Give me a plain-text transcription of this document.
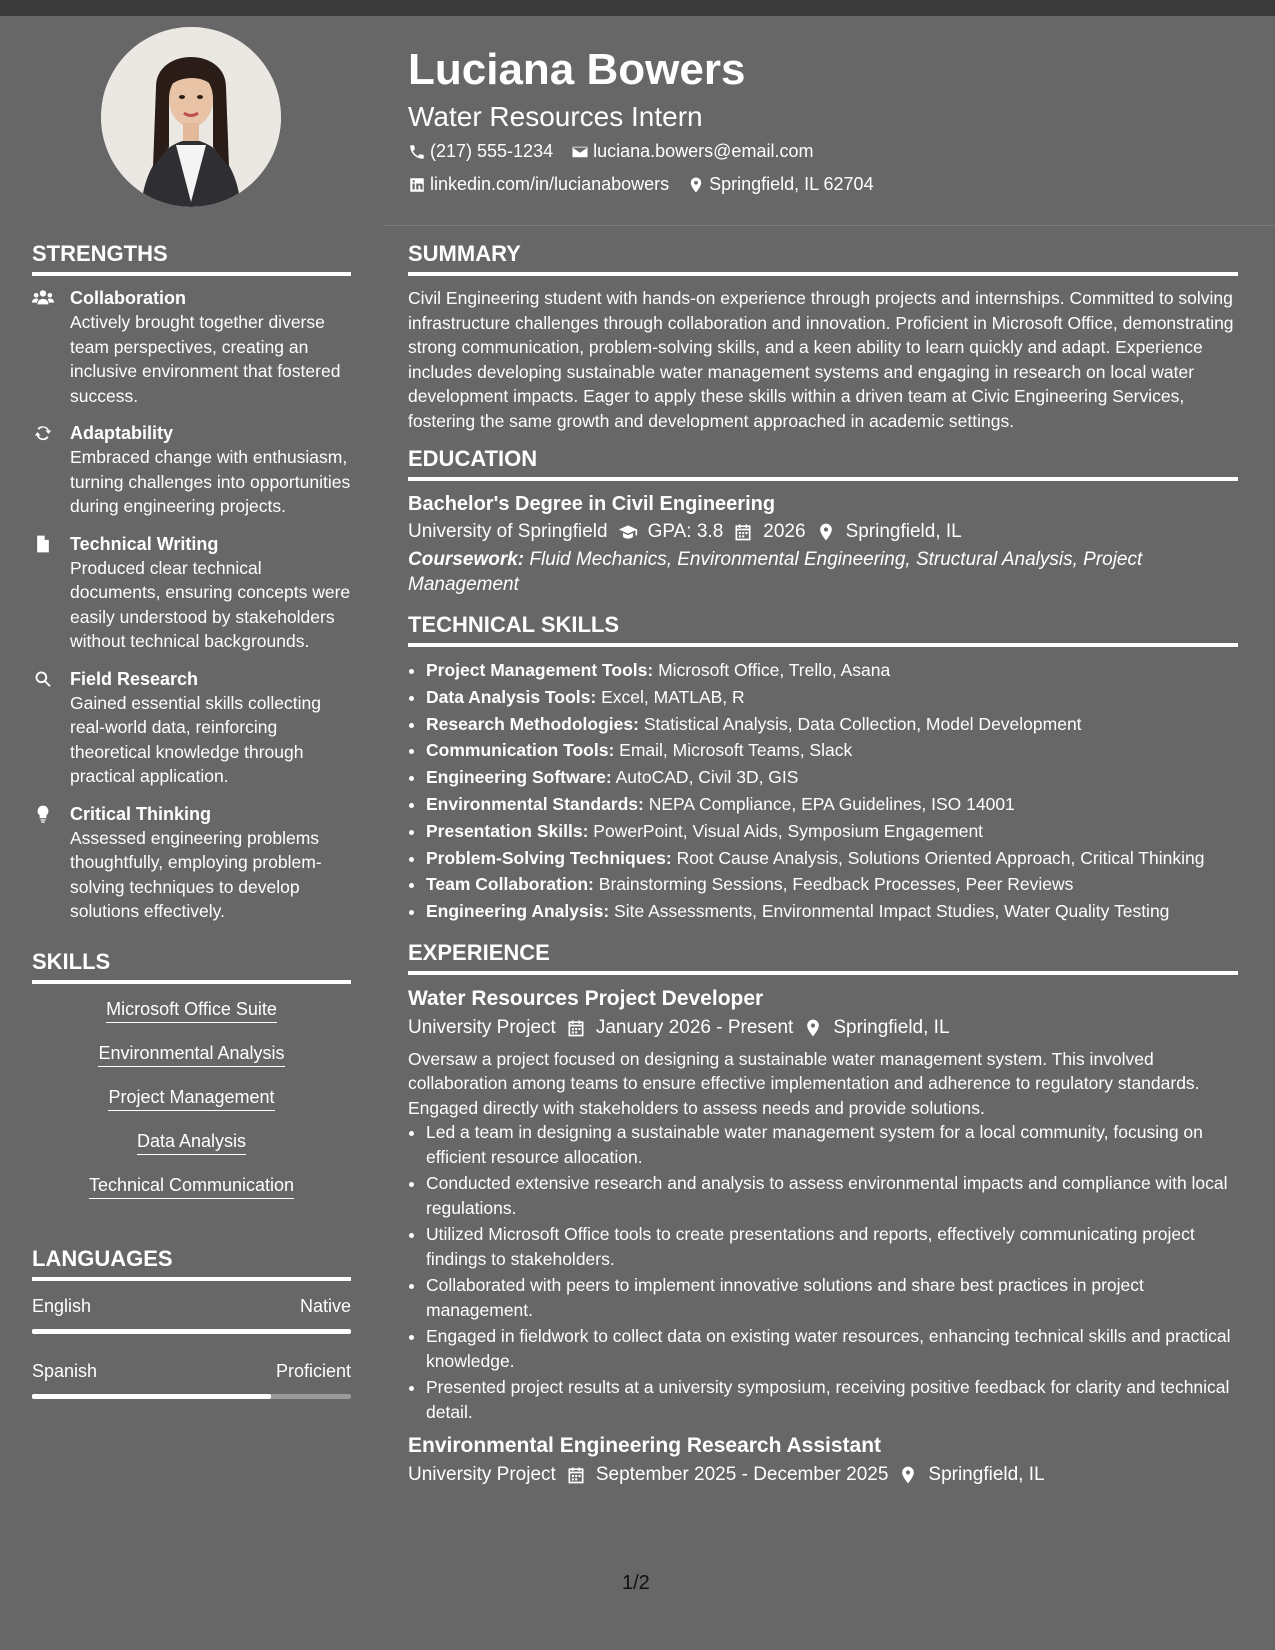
Luciana Bowers
Water Resources Intern
(217) 555-1234 luciana.bowers@email.com
linkedin.com/in/lucianabowers Springfield, IL 62704
STRENGTHS
Collaboration
Actively brought together diverse team perspectives, creating an inclusive environment that fostered success.
Adaptability
Embraced change with enthusiasm, turning challenges into opportunities during engineering projects.
Technical Writing
Produced clear technical documents, ensuring concepts were easily understood by stakeholders without technical backgrounds.
Field Research
Gained essential skills collecting real-world data, reinforcing theoretical knowledge through practical application.
Critical Thinking
Assessed engineering problems thoughtfully, employing problem-solving techniques to develop solutions effectively.
SKILLS
Microsoft Office Suite
Environmental Analysis
Project Management
Data Analysis
Technical Communication
LANGUAGES
English	Native
Spanish	Proficient
SUMMARY
Civil Engineering student with hands-on experience through projects and internships. Committed to solving infrastructure challenges through collaboration and innovation. Proficient in Microsoft Office, demonstrating strong communication, problem-solving skills, and a keen ability to learn quickly and adapt. Experience includes developing sustainable water management systems and engaging in research on local water development impacts. Eager to apply these skills within a driven team at Civic Engineering Services, fostering the same growth and development approached in academic settings.
EDUCATION
Bachelor's Degree in Civil Engineering
University of Springfield GPA: 3.8 2026 Springfield, IL
Coursework: Fluid Mechanics, Environmental Engineering, Structural Analysis, Project Management
TECHNICAL SKILLS
• Project Management Tools: Microsoft Office, Trello, Asana
• Data Analysis Tools: Excel, MATLAB, R
• Research Methodologies: Statistical Analysis, Data Collection, Model Development
• Communication Tools: Email, Microsoft Teams, Slack
• Engineering Software: AutoCAD, Civil 3D, GIS
• Environmental Standards: NEPA Compliance, EPA Guidelines, ISO 14001
• Presentation Skills: PowerPoint, Visual Aids, Symposium Engagement
• Problem-Solving Techniques: Root Cause Analysis, Solutions Oriented Approach, Critical Thinking
• Team Collaboration: Brainstorming Sessions, Feedback Processes, Peer Reviews
• Engineering Analysis: Site Assessments, Environmental Impact Studies, Water Quality Testing
EXPERIENCE
Water Resources Project Developer
University Project January 2026 - Present Springfield, IL
Oversaw a project focused on designing a sustainable water management system. This involved collaboration among teams to ensure effective implementation and adherence to regulatory standards. Engaged directly with stakeholders to assess needs and provide solutions.
• Led a team in designing a sustainable water management system for a local community, focusing on efficient resource allocation.
• Conducted extensive research and analysis to assess environmental impacts and compliance with local regulations.
• Utilized Microsoft Office tools to create presentations and reports, effectively communicating project findings to stakeholders.
• Collaborated with peers to implement innovative solutions and share best practices in project management.
• Engaged in fieldwork to collect data on existing water resources, enhancing technical skills and practical knowledge.
• Presented project results at a university symposium, receiving positive feedback for clarity and technical detail.
Environmental Engineering Research Assistant
University Project September 2025 - December 2025 Springfield, IL
1/2
